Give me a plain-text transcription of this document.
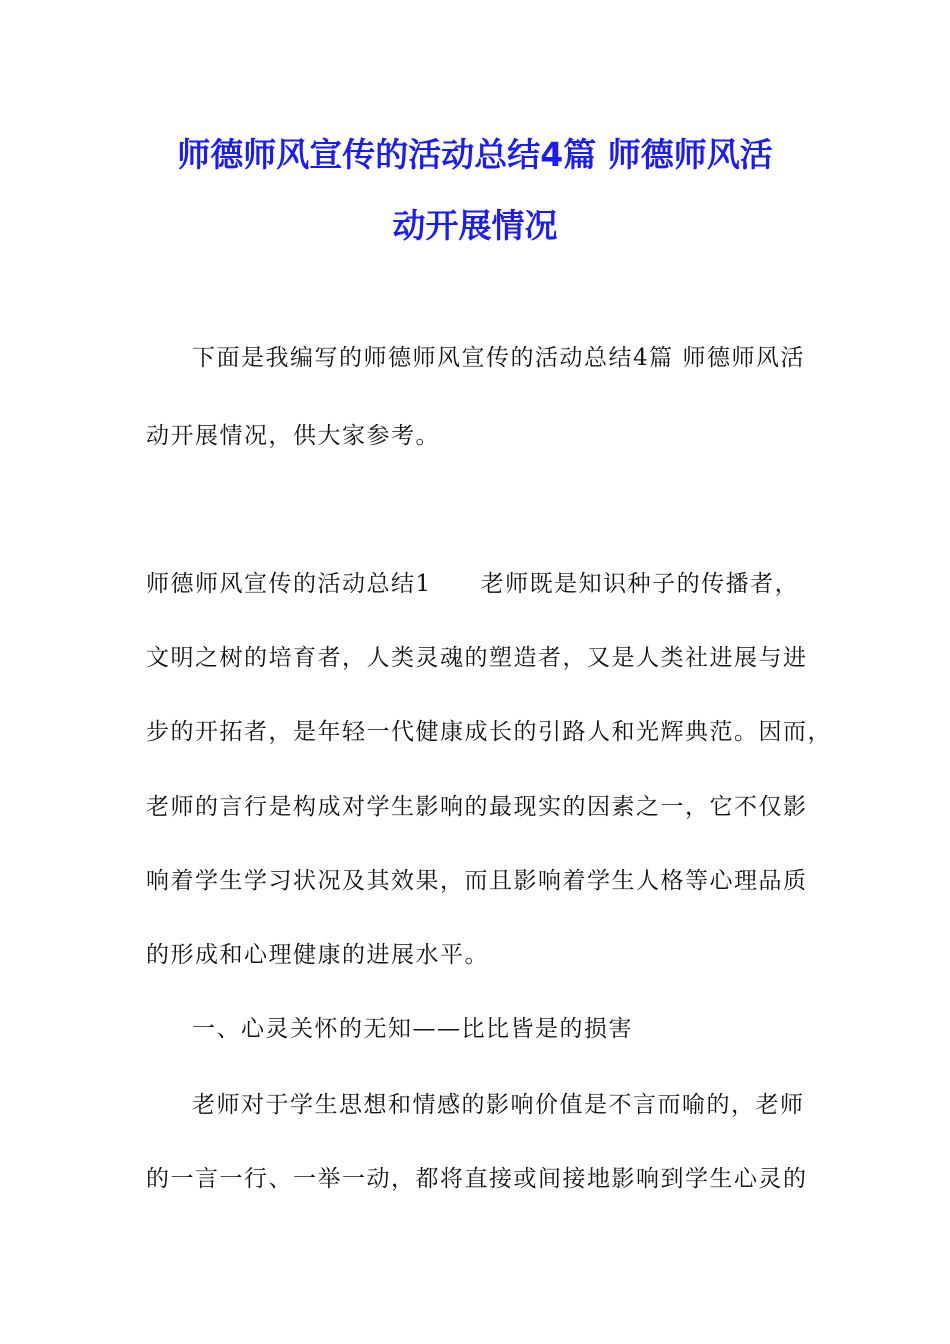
师德师风宣传的活动总结4篇 师德师风活
动开展情况
下面是我编写的师德师风宣传的活动总结4篇 师德师风活
动开展情况，供大家参考。
师德师风宣传的活动总结1　　老师既是知识种子的传播者，
文明之树的培育者，人类灵魂的塑造者，又是人类社进展与进
步的开拓者，是年轻一代健康成长的引路人和光辉典范。因而，
老师的言行是构成对学生影响的最现实的因素之一，它不仅影
响着学生学习状况及其效果，而且影响着学生人格等心理品质
的形成和心理健康的进展水平。
一、心灵关怀的无知——比比皆是的损害
老师对于学生思想和情感的影响价值是不言而喻的，老师
的一言一行、一举一动，都将直接或间接地影响到学生心灵的
